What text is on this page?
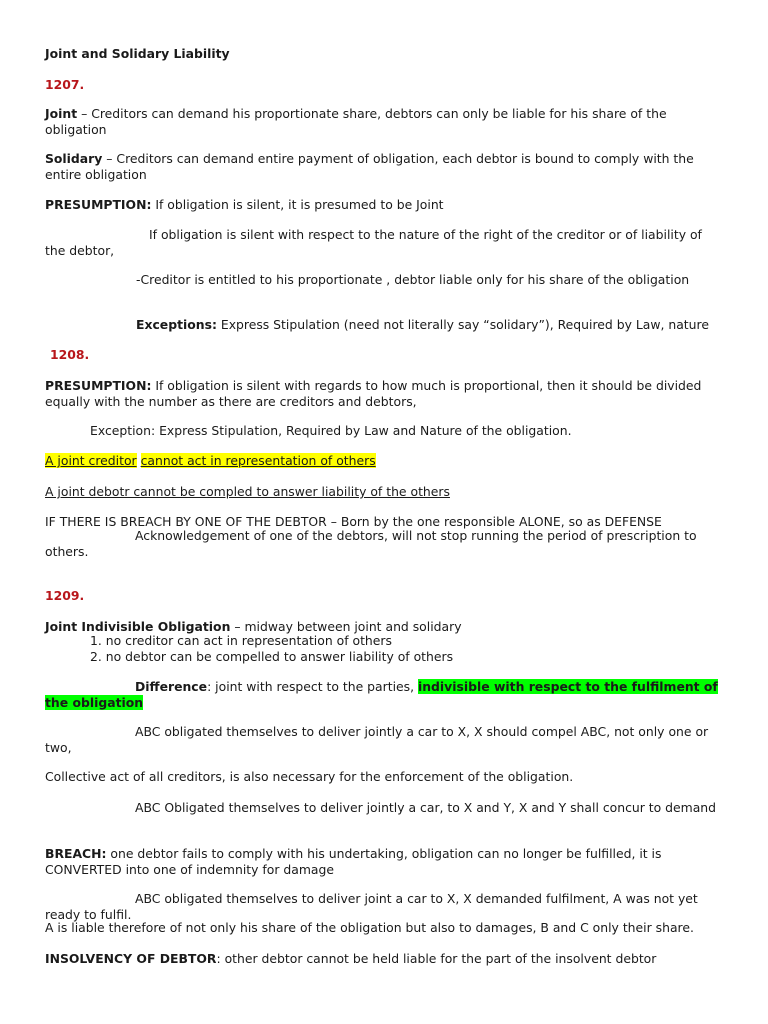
Joint and Solidary Liability

1207.

Joint – Creditors can demand his proportionate share, debtors can only be liable for his share of the obligation

Solidary – Creditors can demand entire payment of obligation, each debtor is bound to comply with the entire obligation

PRESUMPTION: If obligation is silent, it is presumed to be Joint

If obligation is silent with respect to the nature of the right of the creditor or of liability of the debtor,

-Creditor is entitled to his proportionate , debtor liable only for his share of the obligation

Exceptions: Express Stipulation (need not literally say “solidary”), Required by Law, nature

1208.

PRESUMPTION: If obligation is silent with regards to how much is proportional, then it should be divided equally with the number as there are creditors and debtors,

Exception: Express Stipulation, Required by Law and Nature of the obligation.

A joint creditor cannot act in representation of others

A joint debotr cannot be compled to answer liability of the others

IF THERE IS BREACH BY ONE OF THE DEBTOR – Born by the one responsible ALONE, so as DEFENSE

Acknowledgement of one of the debtors, will not stop running the period of prescription to others.

1209.

Joint Indivisible Obligation – midway between joint and solidary

1. no creditor can act in representation of others

2. no debtor can be compelled to answer liability of others

Difference: joint with respect to the parties, indivisible with respect to the fulfilment of the obligation

ABC obligated themselves to deliver jointly a car to X, X should compel ABC, not only one or two,

Collective act of all creditors, is also necessary for the enforcement of the obligation.

ABC Obligated themselves to deliver jointly a car, to X and Y, X and Y shall concur to demand

BREACH: one debtor fails to comply with his undertaking, obligation can no longer be fulfilled, it is CONVERTED into one of indemnity for damage

ABC obligated themselves to deliver joint a car to X, X demanded fulfilment, A was not yet ready to fulfil.

A is liable therefore of not only his share of the obligation but also to damages, B and C only their share.

INSOLVENCY OF DEBTOR: other debtor cannot be held liable for the part of the insolvent debtor
